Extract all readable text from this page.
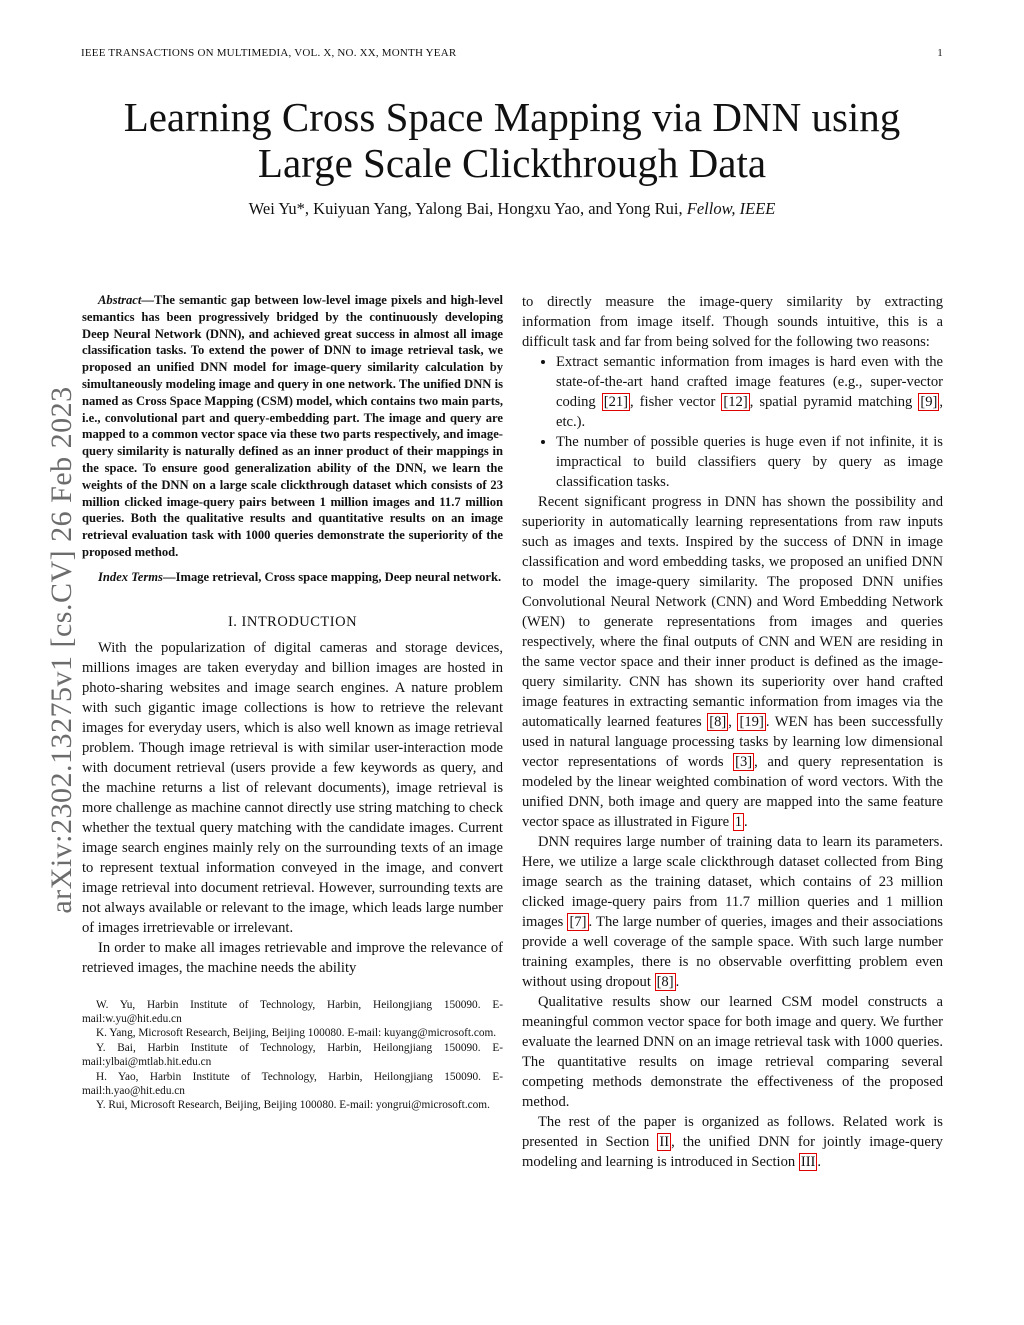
IEEE TRANSACTIONS ON MULTIMEDIA, VOL. X, NO. XX, MONTH YEAR	1
Learning Cross Space Mapping via DNN using
Large Scale Clickthrough Data
Wei Yu*, Kuiyuan Yang, Yalong Bai, Hongxu Yao, and Yong Rui, Fellow, IEEE
arXiv:2302.13275v1 [cs.CV] 26 Feb 2023

Abstract—The semantic gap between low-level image pixels and high-level semantics has been progressively bridged by the continuously developing Deep Neural Network (DNN), and achieved great success in almost all image classification tasks. To extend the power of DNN to image retrieval task, we proposed an unified DNN model for image-query similarity calculation by simultaneously modeling image and query in one network. The unified DNN is named as Cross Space Mapping (CSM) model, which contains two main parts, i.e., convolutional part and query-embedding part. The image and query are mapped to a common vector space via these two parts respectively, and image-query similarity is naturally defined as an inner product of their mappings in the space. To ensure good generalization ability of the DNN, we learn the weights of the DNN on a large scale clickthrough dataset which consists of 23 million clicked image-query pairs between 1 million images and 11.7 million queries. Both the qualitative results and quantitative results on an image retrieval evaluation task with 1000 queries demonstrate the superiority of the proposed method.

Index Terms—Image retrieval, Cross space mapping, Deep neural network.

I. INTRODUCTION

With the popularization of digital cameras and storage devices, millions images are taken everyday and billion images are hosted in photo-sharing websites and image search engines. A nature problem with such gigantic image collections is how to retrieve the relevant images for everyday users, which is also well known as image retrieval problem. Though image retrieval is with similar user-interaction mode with document retrieval (users provide a few keywords as query, and the machine returns a list of relevant documents), image retrieval is more challenge as machine cannot directly use string matching to check whether the textual query matching with the candidate images. Current image search engines mainly rely on the surrounding texts of an image to represent textual information conveyed in the image, and convert image retrieval into document retrieval. However, surrounding texts are not always available or relevant to the image, which leads large number of images irretrievable or irrelevant.

In order to make all images retrievable and improve the relevance of retrieved images, the machine needs the ability

W. Yu, Harbin Institute of Technology, Harbin, Heilongjiang 150090. E-mail:w.yu@hit.edu.cn

K. Yang, Microsoft Research, Beijing, Beijing 100080. E-mail: kuyang@microsoft.com.

Y. Bai, Harbin Institute of Technology, Harbin, Heilongjiang 150090. E-mail:ylbai@mtlab.hit.edu.cn

H. Yao, Harbin Institute of Technology, Harbin, Heilongjiang 150090. E-mail:h.yao@hit.edu.cn

Y. Rui, Microsoft Research, Beijing, Beijing 100080. E-mail: yongrui@microsoft.com.

to directly measure the image-query similarity by extracting information from image itself. Though sounds intuitive, this is a difficult task and far from being solved for the following two reasons:

• Extract semantic information from images is hard even with the state-of-the-art hand crafted image features (e.g., super-vector coding [21] , fisher vector [12] , spatial pyramid matching [9] , etc.).
• The number of possible queries is huge even if not infinite, it is impractical to build classifiers query by query as image classification tasks.

Recent significant progress in DNN has shown the possibility and superiority in automatically learning representations from raw inputs such as images and texts. Inspired by the success of DNN in image classification and word embedding tasks, we proposed an unified DNN to model the image-query similarity. The proposed DNN unifies Convolutional Neural Network (CNN) and Word Embedding Network (WEN) to generate representations from images and queries respectively, where the final outputs of CNN and WEN are residing in the same vector space and their inner product is defined as the image-query similarity. CNN has shown its superiority over hand crafted image features in extracting semantic information from images via the automatically learned features [8] , [19] . WEN has been successfully used in natural language processing tasks by learning low dimensional vector representations of words [3] , and query representation is modeled by the linear weighted combination of word vectors. With the unified DNN, both image and query are mapped into the same feature vector space as illustrated in Figure 1 .

DNN requires large number of training data to learn its parameters. Here, we utilize a large scale clickthrough dataset collected from Bing image search as the training dataset, which contains of 23 million clicked image-query pairs from 11.7 million queries and 1 million images [7] . The large number of queries, images and their associations provide a well coverage of the sample space. With such large number training examples, there is no observable overfitting problem even without using dropout [8] .

Qualitative results show our learned CSM model constructs a meaningful common vector space for both image and query. We further evaluate the learned DNN on an image retrieval task with 1000 queries. The quantitative results on image retrieval comparing several competing methods demonstrate the effectiveness of the proposed method.

The rest of the paper is organized as follows. Related work is presented in Section II , the unified DNN for jointly image-query modeling and learning is introduced in Section III .
